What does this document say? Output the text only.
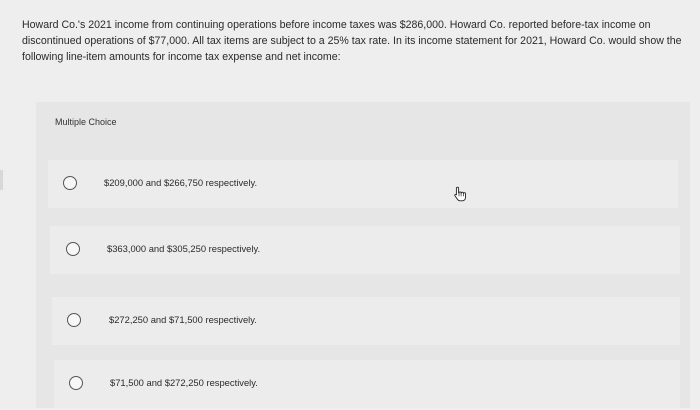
Howard Co.'s 2021 income from continuing operations before income taxes was $286,000. Howard Co. reported before-tax income on discontinued operations of $77,000. All tax items are subject to a 25% tax rate. In its income statement for 2021, Howard Co. would show the following line-item amounts for income tax expense and net income:

Multiple Choice
$209,000 and $266,750 respectively.
$363,000 and $305,250 respectively.
$272,250 and $71,500 respectively.
$71,500 and $272,250 respectively.
